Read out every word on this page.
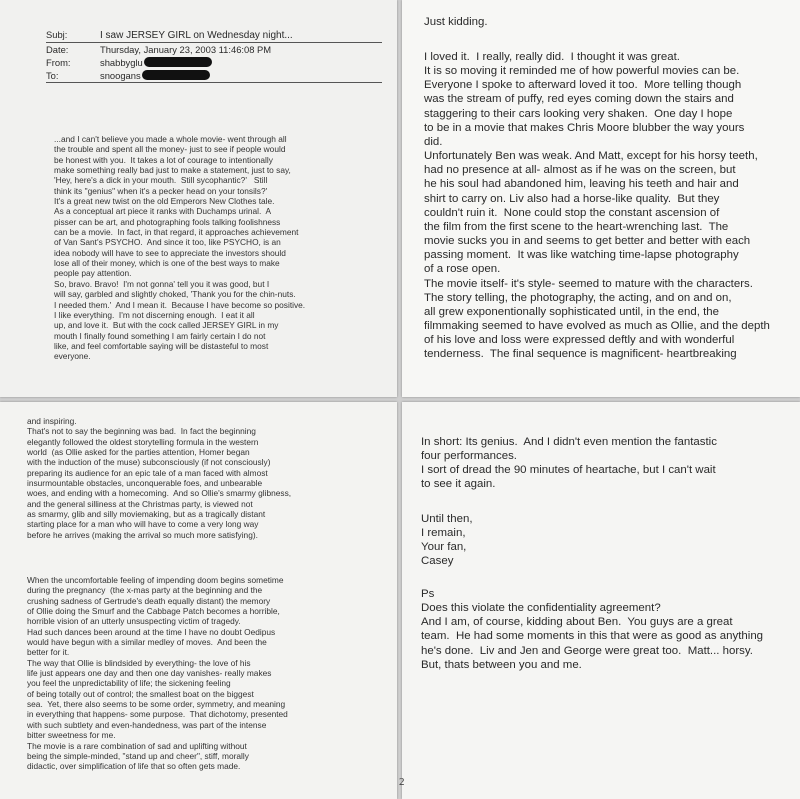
Subj:	I saw JERSEY GIRL on Wednesday night...
Date:	Thursday, January 23, 2003 11:46:08 PM
From:	shabbyglu
To:	snoogans

...and I can't believe you made a whole movie- went through all
the trouble and spent all the money- just to see if people would
be honest with you.  It takes a lot of courage to intentionally
make something really bad just to make a statement, just to say,
'Hey, here's a dick in your mouth.  Still sycophantic?'   Still
think its "genius" when it's a pecker head on your tonsils?'
It's a great new twist on the old Emperors New Clothes tale.
As a conceptual art piece it ranks with Duchamps urinal.  A
pisser can be art, and photographing fools talking foolishness
can be a movie.  In fact, in that regard, it approaches achievement
of Van Sant's PSYCHO.  And since it too, like PSYCHO, is an
idea nobody will have to see to appreciate the investors should
lose all of their money, which is one of the best ways to make
people pay attention.
So, bravo. Bravo!  I'm not gonna' tell you it was good, but I
will say, garbled and slightly choked, 'Thank you for the chin-nuts.
I needed them.'  And I mean it.  Because I have become so positive.
I like everything.  I'm not discerning enough.  I eat it all
up, and love it.  But with the cock called JERSEY GIRL in my
mouth I finally found something I am fairly certain I do not
like, and feel comfortable saying will be distasteful to most
everyone.

Just kidding.

I loved it.  I really, really did.  I thought it was great.
It is so moving it reminded me of how powerful movies can be.
Everyone I spoke to afterward loved it too.  More telling though
was the stream of puffy, red eyes coming down the stairs and
staggering to their cars looking very shaken.  One day I hope
to be in a movie that makes Chris Moore blubber the way yours
did.
Unfortunately Ben was weak. And Matt, except for his horsy teeth,
had no presence at all- almost as if he was on the screen, but
he his soul had abandoned him, leaving his teeth and hair and
shirt to carry on. Liv also had a horse-like quality.  But they
couldn't ruin it.  None could stop the constant ascension of
the film from the first scene to the heart-wrenching last.  The
movie sucks you in and seems to get better and better with each
passing moment.  It was like watching time-lapse photography
of a rose open.
The movie itself- it's style- seemed to mature with the characters.
The story telling, the photography, the acting, and on and on,
all grew exponentionally sophisticated until, in the end, the
filmmaking seemed to have evolved as much as Ollie, and the depth
of his love and loss were expressed deftly and with wonderful
tenderness.  The final sequence is magnificent- heartbreaking

and inspiring.
That's not to say the beginning was bad.  In fact the beginning
elegantly followed the oldest storytelling formula in the western
world  (as Ollie asked for the parties attention, Homer began
with the induction of the muse) subconsciously (if not consciously)
preparing its audience for an epic tale of a man faced with almost
insurmountable obstacles, unconquerable foes, and unbearable
woes, and ending with a homecoming.  And so Ollie's smarmy glibness,
and the general silliness at the Christmas party, is viewed not
as smarmy, glib and silly moviemaking, but as a tragically distant
starting place for a man who will have to come a very long way
before he arrives (making the arrival so much more satisfying).

When the uncomfortable feeling of impending doom begins sometime
during the pregnancy  (the x-mas party at the beginning and the
crushing sadness of Gertrude's death equally distant) the memory
of Ollie doing the Smurf and the Cabbage Patch becomes a horrible,
horrible vision of an utterly unsuspecting victim of tragedy.
Had such dances been around at the time I have no doubt Oedipus
would have begun with a similar medley of moves.  And been the
better for it.
The way that Ollie is blindsided by everything- the love of his
life just appears one day and then one day vanishes- really makes
you feel the unpredictability of life; the sickening feeling
of being totally out of control; the smallest boat on the biggest
sea.  Yet, there also seems to be some order, symmetry, and meaning
in everything that happens- some purpose.  That dichotomy, presented
with such subtlety and even-handedness, was part of the intense
bitter sweetness for me.
The movie is a rare combination of sad and uplifting without
being the simple-minded, "stand up and cheer", stiff, morally
didactic, over simplification of life that so often gets made.

In short: Its genius.  And I didn't even mention the fantastic
four performances.
I sort of dread the 90 minutes of heartache, but I can't wait
to see it again.

Until then,
I remain,
Your fan,
Casey

Ps
Does this violate the confidentiality agreement?
And I am, of course, kidding about Ben.  You guys are a great
team.  He had some moments in this that were as good as anything
he's done.  Liv and Jen and George were great too.  Matt... horsy.
But, thats between you and me.

2
